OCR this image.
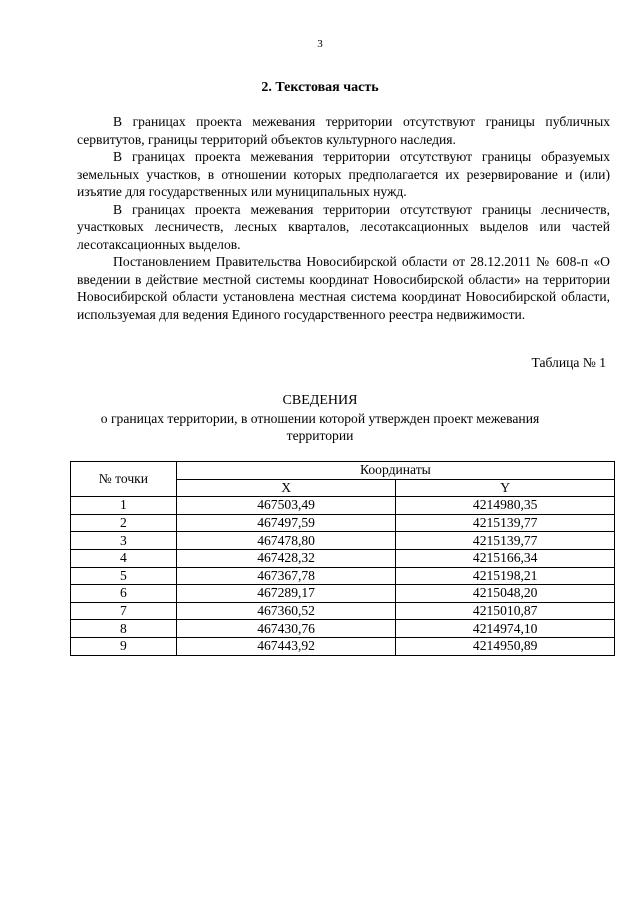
3
2. Текстовая часть

В границах проекта межевания территории отсутствуют границы публичных сервитутов, границы территорий объектов культурного наследия.

В границах проекта межевания территории отсутствуют границы образуемых земельных участков, в отношении которых предполагается их резервирование и (или) изъятие для государственных или муниципальных нужд.

В границах проекта межевания территории отсутствуют границы лесничеств, участковых лесничеств, лесных кварталов, лесотаксационных выделов или частей лесотаксационных выделов.

Постановлением Правительства Новосибирской области от 28.12.2011 № 608-п «О введении в действие местной системы координат Новосибирской области» на территории Новосибирской области установлена местная система координат Новосибирской области, используемая для ведения Единого государственного реестра недвижимости.

Таблица № 1
СВЕДЕНИЯ
о границах территории, в отношении которой утвержден проект межевания территории
№ точки	Координаты	
	X	Y
1	467503,49	4214980,35
2	467497,59	4215139,77
3	467478,80	4215139,77
4	467428,32	4215166,34
5	467367,78	4215198,21
6	467289,17	4215048,20
7	467360,52	4215010,87
8	467430,76	4214974,10
9	467443,92	4214950,89
